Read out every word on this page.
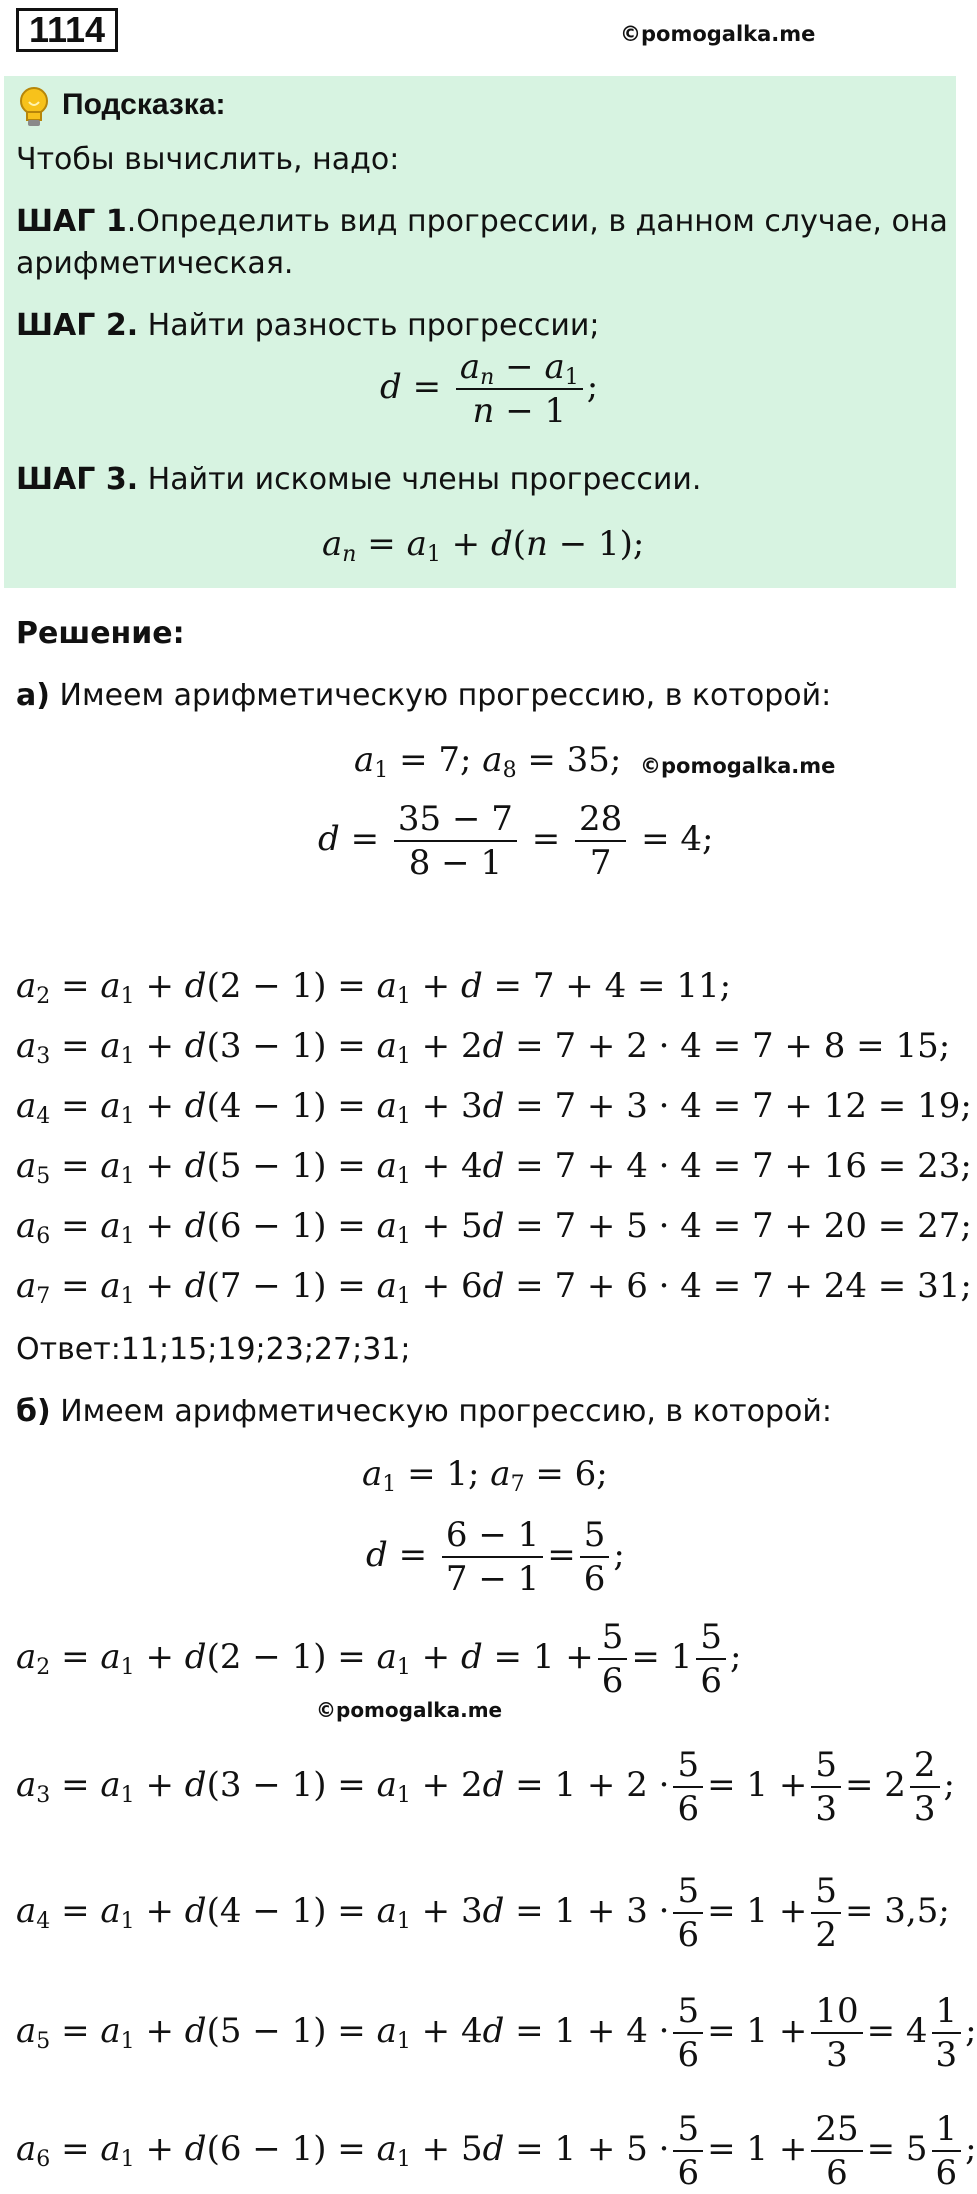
1114	©pomogalka.me
Подсказка:
Чтобы вычислить, надо:
ШАГ 1.Определить вид прогрессии, в данном случае, она
арифметическая.
ШАГ 2. Найти разность прогрессии;
$d = \frac{a_n - a_1}{n - 1}$ ;
ШАГ 3. Найти искомые члены прогрессии.
$a_n = a_1 + d(n - 1)$;
Решение:
а) Имеем арифметическую прогрессию, в которой:
$a_1 = 7$; $a_8 = 35$; ©pomogalka.me
$d = \frac{35 - 7}{8 - 1} = \frac{28}{7} = 4$;
$a_2 = a_1 + d(2 - 1) = a_1 + d = 7 + 4 = 11$;
$a_3 = a_1 + d(3 - 1) = a_1 + 2d = 7 + 2 \cdot 4 = 7 + 8 = 15$;
$a_4 = a_1 + d(4 - 1) = a_1 + 3d = 7 + 3 \cdot 4 = 7 + 12 = 19$;
$a_5 = a_1 + d(5 - 1) = a_1 + 4d = 7 + 4 \cdot 4 = 7 + 16 = 23$;
$a_6 = a_1 + d(6 - 1) = a_1 + 5d = 7 + 5 \cdot 4 = 7 + 20 = 27$;
$a_7 = a_1 + d(7 - 1) = a_1 + 6d = 7 + 6 \cdot 4 = 7 + 24 = 31$;
Ответ:11;15;19;23;27;31;
б) Имеем арифметическую прогрессию, в которой:
$a_1 = 1$; $a_7 = 6$;
$d = \frac{6 - 1}{7 - 1} = \frac{5}{6}$ ;
$a_2 = a_1 + d(2 - 1) = a_1 + d = 1 + \frac{5}{6} = 1 \frac{5}{6}$ ;
©pomogalka.me
$a_3 = a_1 + d(3 - 1) = a_1 + 2d = 1 + 2 \cdot \frac{5}{6} = 1 + \frac{5}{3} = 2 \frac{2}{3}$ ;
$a_4 = a_1 + d(4 - 1) = a_1 + 3d = 1 + 3 \cdot \frac{5}{6} = 1 + \frac{5}{2} = 3,5$;
$a_5 = a_1 + d(5 - 1) = a_1 + 4d = 1 + 4 \cdot \frac{5}{6} = 1 + \frac{10}{3} = 4 \frac{1}{3}$ ;
$a_6 = a_1 + d(6 - 1) = a_1 + 5d = 1 + 5 \cdot \frac{5}{6} = 1 + \frac{25}{6} = 5 \frac{1}{6}$ ;
